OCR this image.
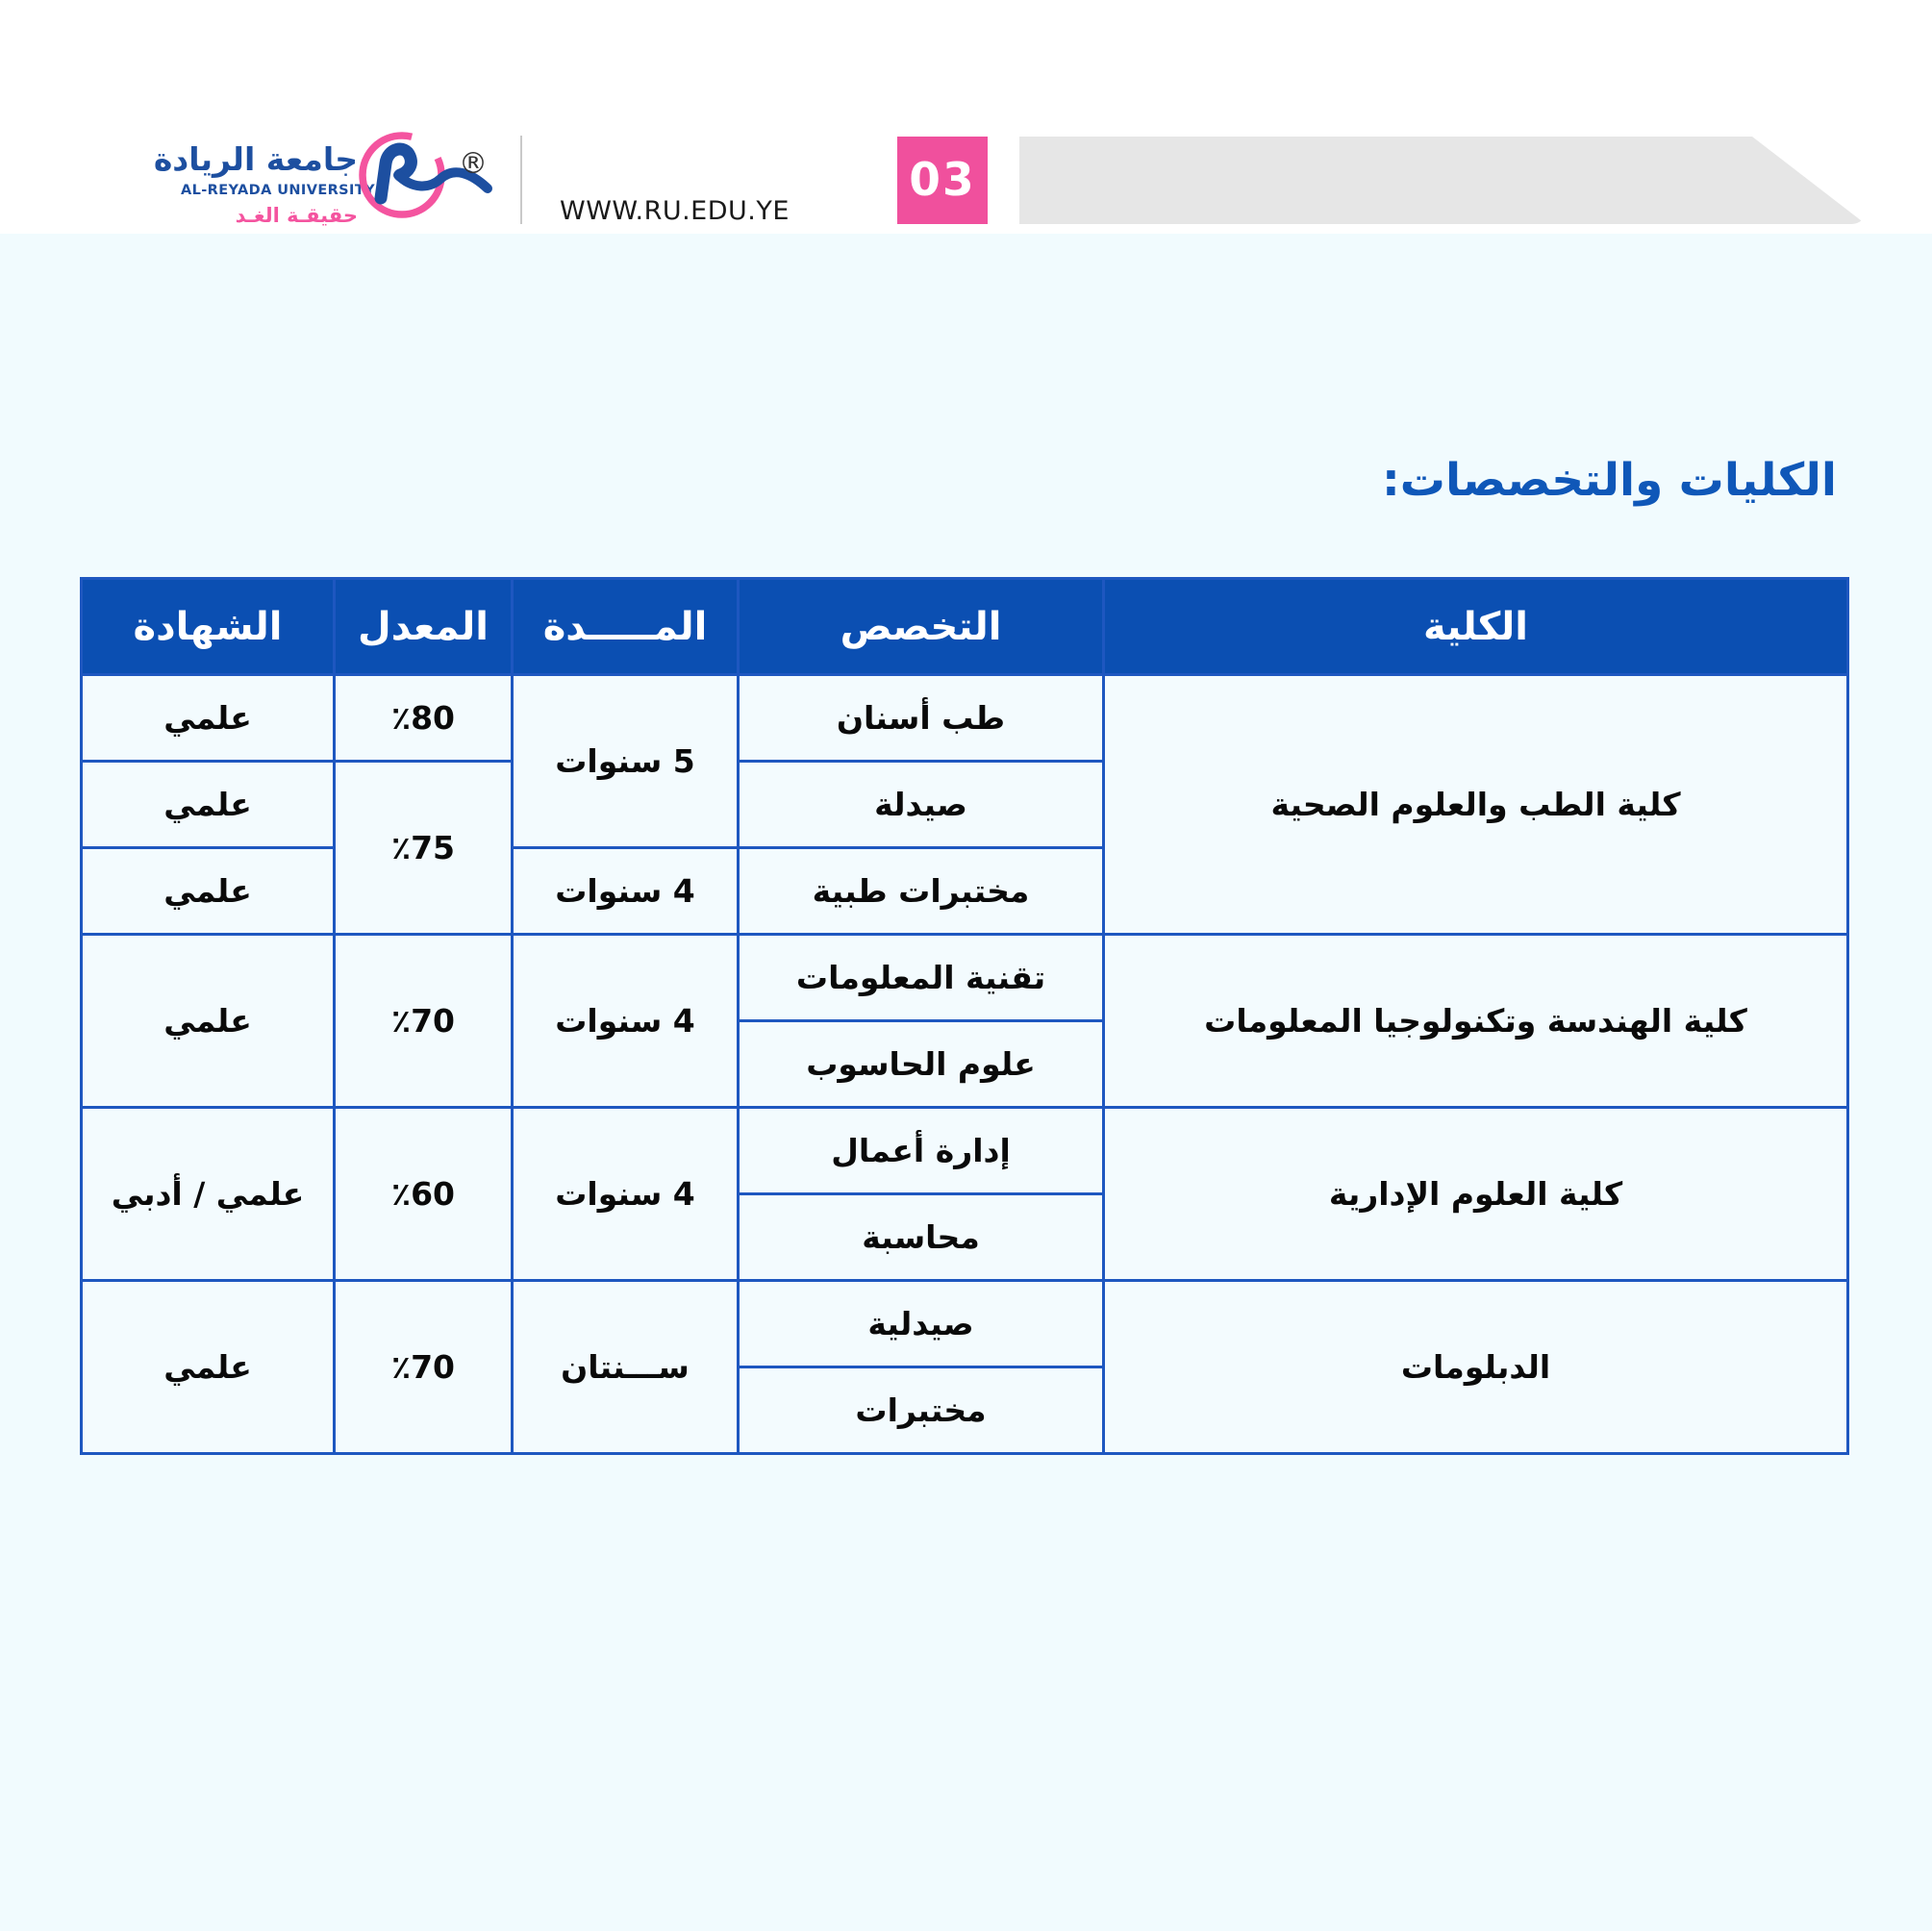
جامعة الريادة
AL-REYADA UNIVERSITY
حقيقـة الغـد
®
WWW.RU.EDU.YE
03
الكليات والتخصصات:
الكلية	التخصص	المـــــدة	المعدل	الشهادة
كلية الطب والعلوم الصحية	طب أسنان	5 سنوات	٪80	علمي
	صيدلة		٪75	علمي
	مختبرات طبية	4 سنوات		علمي
كلية الهندسة وتكنولوجيا المعلومات	تقنية المعلومات	4 سنوات	٪70	علمي
	علوم الحاسوب			
كلية العلوم الإدارية	إدارة أعمال	4 سنوات	٪60	علمي / أدبي
	محاسبة			
الدبلومات	صيدلية	ســـنتان	٪70	علمي
	مختبرات			
